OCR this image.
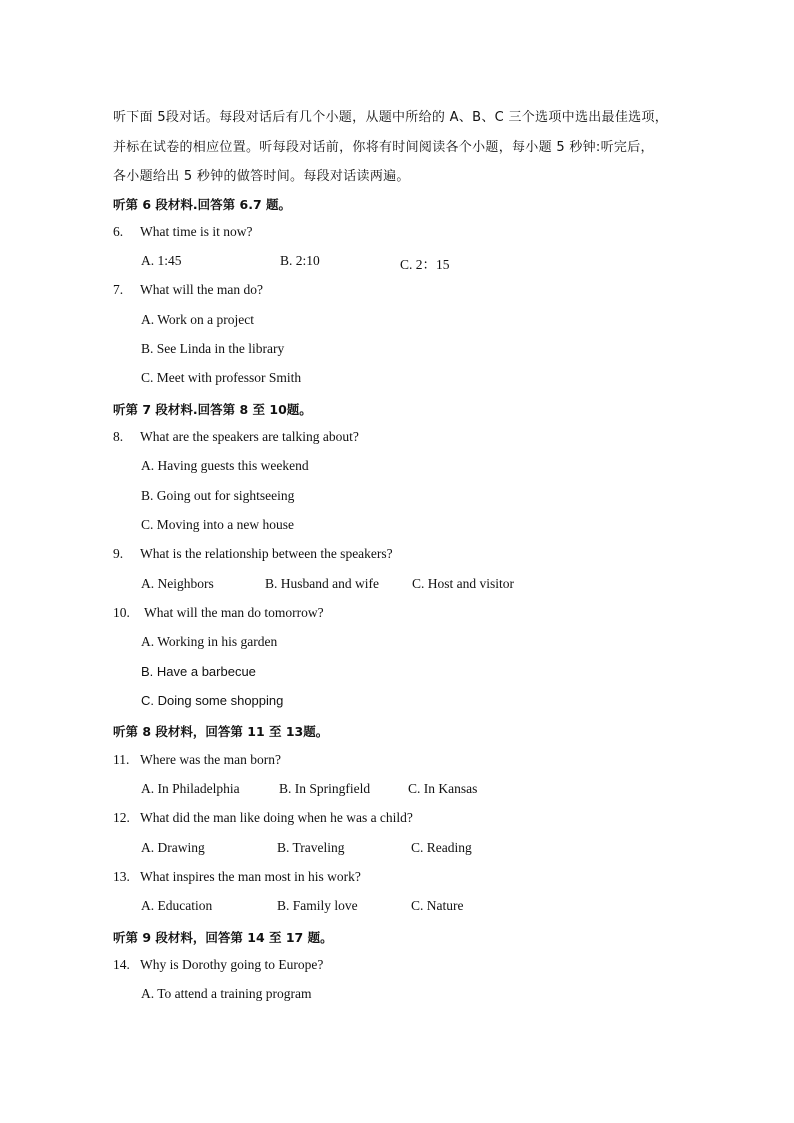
听下面 5段对话。每段对话后有几个小题，从题中所给的 A、B、C 三个选项中选出最佳选项，
并标在试卷的相应位置。听每段对话前，你将有时间阅读各个小题，每小题 5 秒钟:听完后，
各小题给出 5 秒钟的做答时间。每段对话读两遍。
听第 6 段材料.回答第 6.7 题。
6. What time is it now?
A. 1:45	B. 2:10	C. 2：15
7. What will the man do?
A. Work on a project
B. See Linda in the library
C. Meet with professor Smith
听第 7 段材料.回答第 8 至 10题。
8. What are the speakers are talking about?
A. Having guests this weekend
B. Going out for sightseeing
C. Moving into a new house
9. What is the relationship between the speakers?
A. Neighbors	B. Husband and wife C. Host and visitor
10. What will the man do tomorrow?
A. Working in his garden
B. Have a barbecue
C. Doing some shopping
听第 8 段材料，回答第 11 至 13题。
11. Where was the man born?
A. In Philadelphia	B. In Springfield	C. In Kansas
12. What did the man like doing when he was a child?
A. Drawing	B. Traveling	C. Reading
13. What inspires the man most in his work?
A. Education	B. Family love	C. Nature
听第 9 段材料，回答第 14 至 17 题。
14. Why is Dorothy going to Europe?
A. To attend a training program
